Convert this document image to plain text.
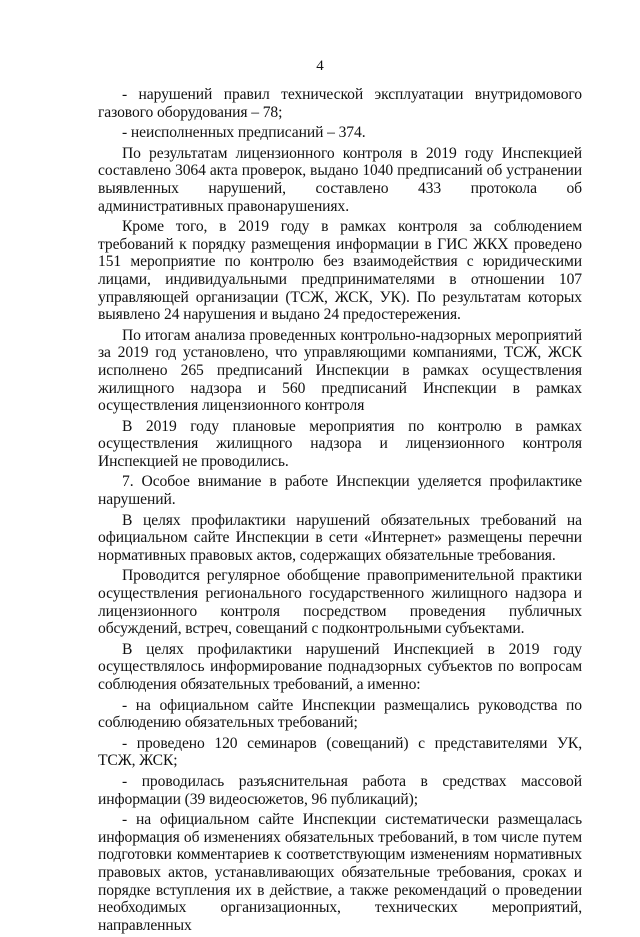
4

- нарушений правил технической эксплуатации внутридомового газового оборудования – 78;

- неисполненных предписаний – 374.

По результатам лицензионного контроля в 2019 году Инспекцией составлено 3064 акта проверок, выдано 1040 предписаний об устранении выявленных нарушений, составлено 433 протокола об административных правонарушениях.

Кроме того, в 2019 году в рамках контроля за соблюдением требований к порядку размещения информации в ГИС ЖКХ проведено 151 мероприятие по контролю без взаимодействия с юридическими лицами, индивидуальными предпринимателями в отношении 107 управляющей организации (ТСЖ, ЖСК, УК). По результатам которых выявлено 24 нарушения и выдано 24 предостережения.

По итогам анализа проведенных контрольно-надзорных мероприятий за 2019 год установлено, что управляющими компаниями, ТСЖ, ЖСК исполнено 265 предписаний Инспекции в рамках осуществления жилищного надзора и 560 предписаний Инспекции в рамках осуществления лицензионного контроля

В 2019 году плановые мероприятия по контролю в рамках осуществления жилищного надзора и лицензионного контроля Инспекцией не проводились.

7. Особое внимание в работе Инспекции уделяется профилактике нарушений.

В целях профилактики нарушений обязательных требований на официальном сайте Инспекции в сети «Интернет» размещены перечни нормативных правовых актов, содержащих обязательные требования.

Проводится регулярное обобщение правоприменительной практики осуществления регионального государственного жилищного надзора и лицензионного контроля посредством проведения публичных обсуждений, встреч, совещаний с подконтрольными субъектами.

В целях профилактики нарушений Инспекцией в 2019 году осуществлялось информирование поднадзорных субъектов по вопросам соблюдения обязательных требований, а именно:

- на официальном сайте Инспекции размещались руководства по соблюдению обязательных требований;

- проведено 120 семинаров (совещаний) с представителями УК, ТСЖ, ЖСК;

- проводилась разъяснительная работа в средствах массовой информации (39 видеосюжетов, 96 публикаций);

- на официальном сайте Инспекции систематически размещалась информация об изменениях обязательных требований, в том числе путем подготовки комментариев к соответствующим изменениям нормативных правовых актов, устанавливающих обязательные требования, сроках и порядке вступления их в действие, а также рекомендаций о проведении необходимых организационных, технических мероприятий, направленных
